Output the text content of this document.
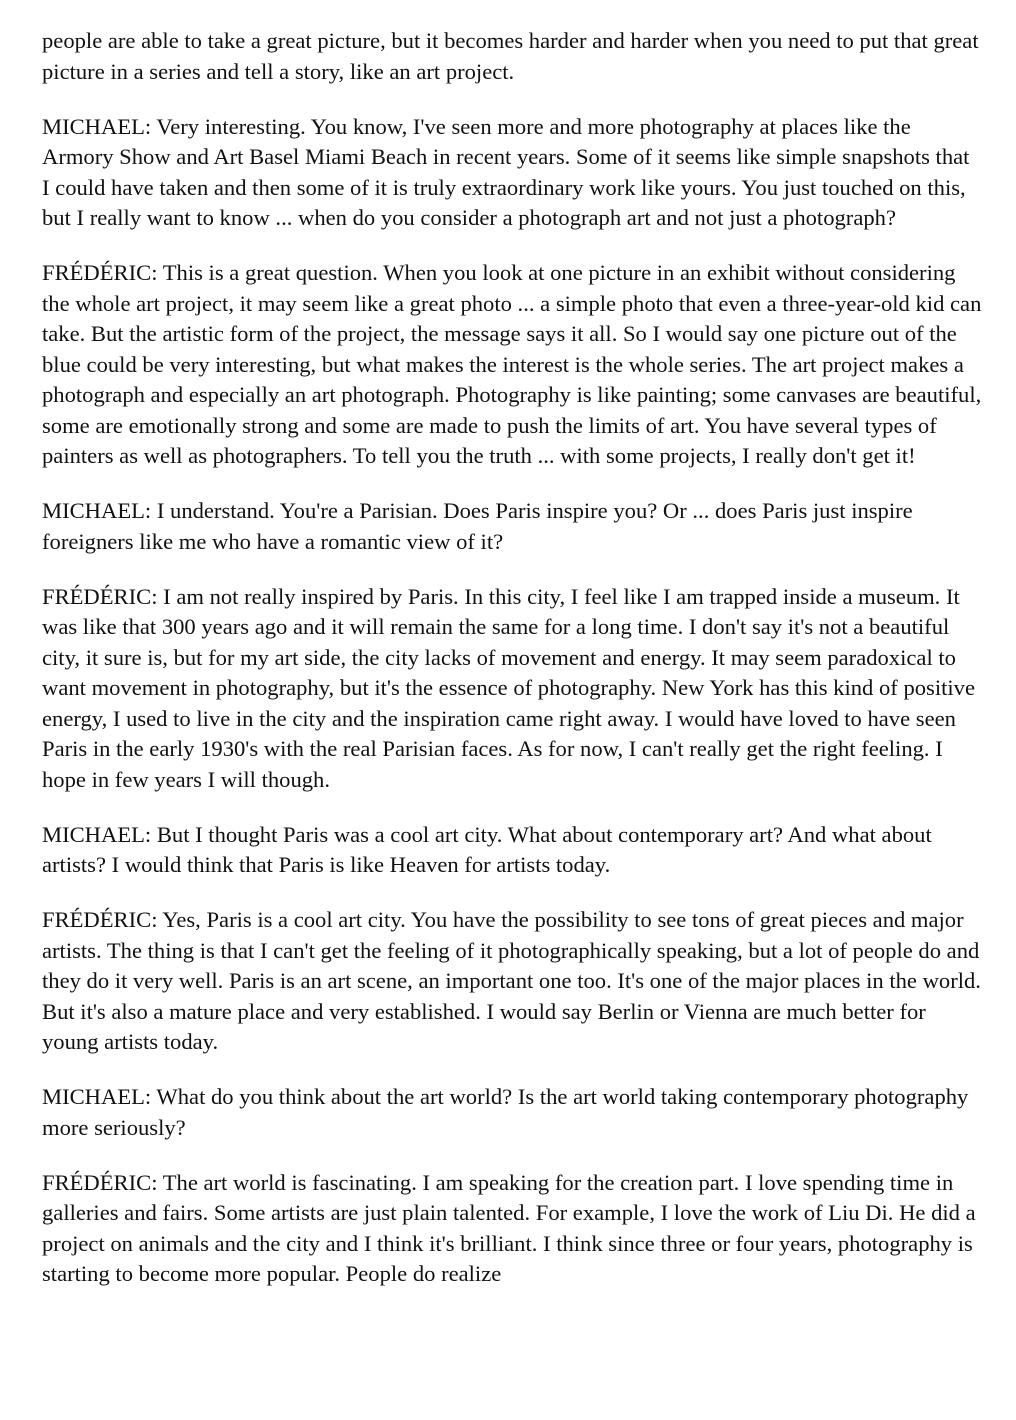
people are able to take a great picture, but it becomes harder and harder when you need to put that great picture in a series and tell a story, like an art project.

MICHAEL: Very interesting. You know, I've seen more and more photography at places like the Armory Show and Art Basel Miami Beach in recent years. Some of it seems like simple snapshots that I could have taken and then some of it is truly extraordinary work like yours. You just touched on this, but I really want to know ... when do you consider a photograph art and not just a photograph?

FRÉDÉRIC: This is a great question. When you look at one picture in an exhibit without considering the whole art project, it may seem like a great photo ... a simple photo that even a three-year-old kid can take. But the artistic form of the project, the message says it all. So I would say one picture out of the blue could be very interesting, but what makes the interest is the whole series. The art project makes a photograph and especially an art photograph. Photography is like painting; some canvases are beautiful, some are emotionally strong and some are made to push the limits of art. You have several types of painters as well as photographers. To tell you the truth ... with some projects, I really don't get it!

MICHAEL: I understand. You're a Parisian. Does Paris inspire you? Or ... does Paris just inspire foreigners like me who have a romantic view of it?

FRÉDÉRIC: I am not really inspired by Paris. In this city, I feel like I am trapped inside a museum. It was like that 300 years ago and it will remain the same for a long time. I don't say it's not a beautiful city, it sure is, but for my art side, the city lacks of movement and energy. It may seem paradoxical to want movement in photography, but it's the essence of photography. New York has this kind of positive energy, I used to live in the city and the inspiration came right away. I would have loved to have seen Paris in the early 1930's with the real Parisian faces. As for now, I can't really get the right feeling. I hope in few years I will though.

MICHAEL: But I thought Paris was a cool art city. What about contemporary art? And what about artists? I would think that Paris is like Heaven for artists today.

FRÉDÉRIC: Yes, Paris is a cool art city. You have the possibility to see tons of great pieces and major artists. The thing is that I can't get the feeling of it photographically speaking, but a lot of people do and they do it very well. Paris is an art scene, an important one too. It's one of the major places in the world. But it's also a mature place and very established. I would say Berlin or Vienna are much better for young artists today.

MICHAEL: What do you think about the art world? Is the art world taking contemporary photography more seriously?

FRÉDÉRIC: The art world is fascinating. I am speaking for the creation part. I love spending time in galleries and fairs. Some artists are just plain talented. For example, I love the work of Liu Di. He did a project on animals and the city and I think it's brilliant. I think since three or four years, photography is starting to become more popular. People do realize
